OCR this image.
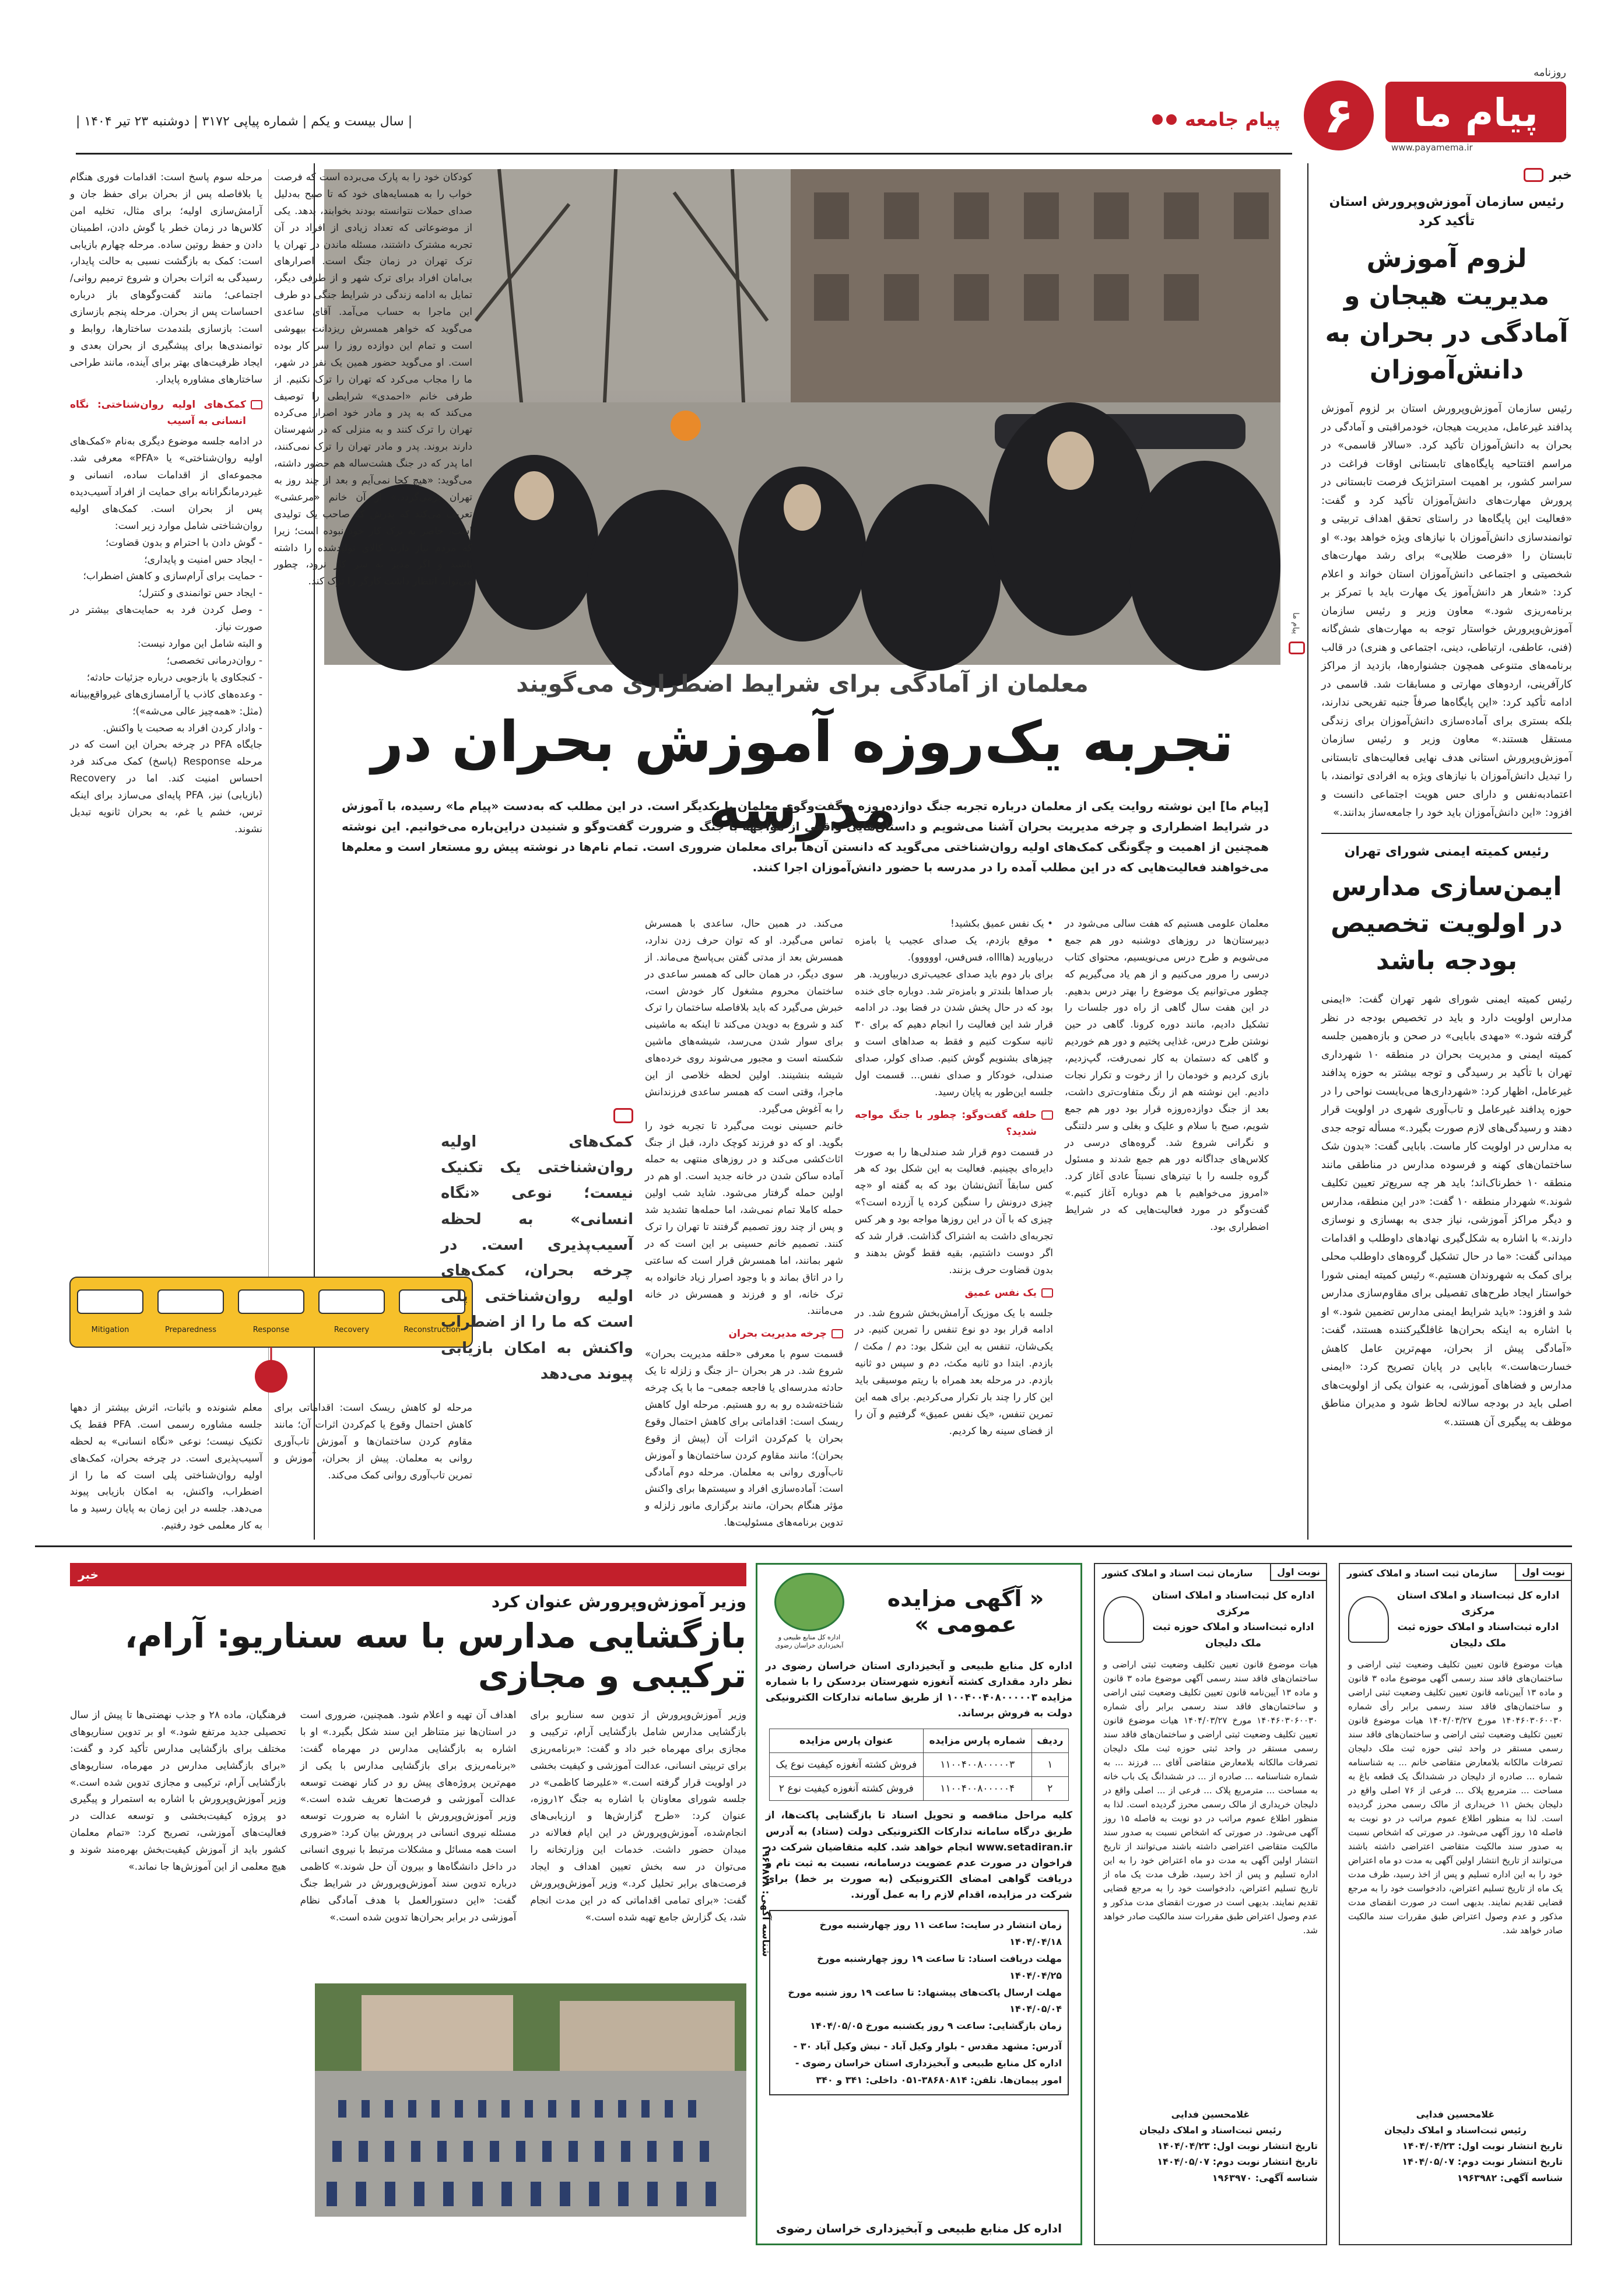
پیام ما
روزنامه
www.payamema.ir
۶
پیام جامعه
| سال بیست و یکم | شماره پیاپی ۳۱۷۲ | دوشنبه ۲۳ تیر ۱۴۰۴ |
خبر
رئیس سازمان آموزش‌وپرورش استان‌ تأکید کرد
لزوم آموزش مدیریت هیجان و آمادگی در بحران به دانش‌آموزان
رئیس سازمان آموزش‌وپرورش استان بر لزوم آموزش پدافند غیرعامل، مدیریت هیجان، خودمراقبتی و آمادگی در بحران به دانش‌آموزان تأکید کرد. «سالار قاسمی» در مراسم افتتاحیه پایگاه‌های تابستانی اوقات فراغت در سراسر کشور، بر اهمیت استراتژیک فرصت تابستانی در پرورش مهارت‌های دانش‌آموزان تأکید کرد و گفت: «فعالیت این پایگاه‌ها در راستای تحقق اهداف تربیتی و توانمندسازی دانش‌آموزان با نیازهای ویژه خواهد بود.» او تابستان را «فرصت طلایی» برای رشد مهارت‌های شخصیتی و اجتماعی دانش‌آموزان استان خواند و اعلام کرد: «شعار هر دانش‌آموز یک مهارت باید با تمرکز بر برنامه‌ریزی شود.» معاون وزیر و رئیس سازمان آموزش‌وپرورش خواستار توجه به مهارت‌های شش‌گانه (فنی، عاطفی، ارتباطی، دینی، اجتماعی و هنری) در قالب برنامه‌های متنوعی همچون جشنواره‌ها، بازدید از مراکز کارآفرینی، اردوهای مهارتی و مسابقات شد. قاسمی در ادامه تأکید کرد: «این پایگاه‌ها صرفاً جنبه تفریحی ندارند، بلکه بستری برای آماده‌سازی دانش‌آموزان برای زندگی مستقل هستند.» معاون وزیر و رئیس سازمان آموزش‌وپرورش استانی هدف نهایی فعالیت‌های تابستانی را تبدیل دانش‌آموزان با نیازهای ویژه به افرادی توانمند، با اعتمادبه‌نفس و دارای حس هویت اجتماعی دانست و افزود: «این دانش‌آموزان باید خود را جامعه‌ساز بدانند.»
رئیس کمیته ایمنی شورای تهران
ایمن‌سازی مدارس در اولویت تخصیص بودجه باشد
رئیس کمیته ایمنی شورای شهر تهران گفت: «ایمنی مدارس اولویت دارد و باید در تخصیص بودجه در نظر گرفته شود.» «مهدی بابایی» در صحن و بازه‌همین جلسه کمیته ایمنی و مدیریت بحران در منطقه ۱۰ شهرداری تهران با تأکید بر رسیدگی و توجه بیشتر به حوزه پدافند غیرعامل، اظهار کرد: «شهرداری‌ها می‌بایست نواحی را در حوزه پدافند غیرعامل و تاب‌آوری شهری در اولویت قرار دهند و رسیدگی‌های لازم صورت بگیرد.» مسأله توجه جدی به مدارس در اولویت کار ماست. بابایی گفت: «بدون شک ساختمان‌های کهنه و فرسوده مدارس در مناطقی مانند منطقه ۱۰ خطرناک‌اند؛ باید هر چه سریع‌تر تعیین تکلیف شوند.» شهردار منطقه ۱۰ گفت: «در این منطقه، مدارس و دیگر مراکز آموزشی، نیاز جدی به بهسازی و نوسازی دارند.» با اشاره به شکل‌گیری نهادهای داوطلب و اقدامات میدانی گفت: «ما در حال تشکیل گروه‌های داوطلب محلی برای کمک به شهروندان هستیم.» رئیس کمیته ایمنی شورا خواستار ایجاد طرح‌های تفصیلی برای مقاوم‌سازی مدارس شد و افزود: «باید شرایط ایمنی مدارس تضمین شود.» او با اشاره به اینکه بحران‌ها غافلگیرکننده هستند، گفت: «آمادگی پیش از بحران، مهم‌ترین عامل کاهش خسارت‌هاست.» بابایی در پایان تصریح کرد: «ایمنی مدارس و فضاهای آموزشی، به عنوان یکی از اولویت‌های اصلی باید در بودجه سالانه لحاظ شود و مدیران مناطق موظف به پیگیری آن هستند.»
پیام ما
معلمان از آمادگی برای شرایط اضطراری می‌گویند
تجربه یک‌روزه آموزش بحران در مدرسه
[پیام ما] این نوشته روایت یکی از معلمان درباره تجربه جنگ دوازده‌روزه و گفت‌وگوی معلمان با یکدیگر است. در این مطلب که به‌دست «پیام ما» رسیده، با آموزش در شرایط اضطراری و چرخه مدیریت بحران آشنا می‌شویم و داستان‌هایی واقعی از مواجهه با جنگ و ضرورت گفت‌وگو و شنیدن درا‌ین‌باره می‌خوانیم. این نوشته همچنین از اهمیت و چگونگی کمک‌های اولیه روان‌شناختی می‌گوید که دانستن آن‌ها برای معلمان ضروری است. تمام نام‌ها در نوشته پیش رو مستعار است و معلم‌ها می‌خواهند فعالیت‌هایی که در این مطلب آمده را در مدرسه با حضور دانش‌آموزان اجرا کنند.
مرحله سوم پاسخ است: اقدامات فوری هنگام یا بلافاصله پس از بحران برای حفظ جان و آرامش‌سازی اولیه؛ برای مثال، تخلیه امن کلاس‌ها در زمان خطر یا گوش دادن، اطمینان دادن و حفظ روتین ساده. مرحله چهارم بازیابی است: کمک به بازگشت نسبی به حالت پایدار، رسیدگی به اثرات بحران و شروع ترمیم روانی/اجتماعی؛ مانند گفت‌وگوهای باز درباره احساسات پس از بحران. مرحله پنجم بازسازی است: بازسازی بلندمدت ساختارها، روابط و توانمندی‌ها برای پیشگیری از بحران بعدی و ایجاد ظرفیت‌های بهتر برای آینده، مانند طراحی ساختارهای مشاوره پایدار.
کمک‌های اولیه روان‌شناختی: نگاه انسانی به آسیب
در ادامه جلسه موضوع دیگری به‌نام «کمک‌های اولیه روان‌شناختی» یا «PFA» معرفی شد. مجموعه‌ای از اقدامات ساده، انسانی و غیردرمانگرانانه برای حمایت از افراد آسیب‌دیده پس از بحران است. کمک‌های اولیه روان‌شناختی شامل موارد زیر است:
- گوش دادن با احترام و بدون قضاوت؛
- ایجاد حس امنیت و پایداری؛
- حمایت برای آرام‌سازی و کاهش اضطراب؛
- ایجاد حس توانمندی و کنترل؛
- وصل کردن فرد به حمایت‌های بیشتر در صورت نیاز.
و البته شامل این موارد نیست:
- روان‌درمانی تخصصی؛
- کنجکاوی یا بازجویی درباره جزئیات حادثه؛
- وعده‌های کاذب یا آرامسازی‌های غیرواقع‌بینانه (مثل: «همه‌چیز عالی می‌شه»)؛
- وادار کردن افراد به صحبت یا واکنش.
جایگاه PFA در چرخه بحران این است که در مرحله Response (پاسخ) کمک می‌کند فرد احساس امنیت کند. اما در Recovery (بازیابی) نیز، PFA پایه‌ای می‌سازد برای اینکه ترس، خشم یا غم، به بحران ثانویه تبدیل نشوند.
کودکان خود را به پارک می‌برده است که فرصت خواب را به همسایه‌های خود که تا صبح به‌دلیل صدای حملات نتوانسته بودند بخوابند، بدهد. یکی از موضوعاتی که تعداد زیادی از افراد در آن تجربه مشترک داشتند، مسئله ماندن در تهران یا ترک تهران در زمان جنگ است. اصرارهای بی‌امان افراد برای ترک شهر و از طرفی دیگر، تمایل به ادامه زندگی در شرایط جنگی دو طرف این ماجرا به حساب می‌آمد. آقای ساعدی می‌گوید که خواهر همسرش ریزدانت بیهوشی است و تمام این دوازده روز را سر کار بوده است. او می‌گوید حضور همین یک نفر در شهر، ما را مجاب می‌کرد که تهران را ترک نکنیم. از طرفی خانم «احمدی» شرایطی را توصیف می‌کند که به پدر و مادر خود اصرار می‌کرده تهران را ترک کنند و به منزلی که در شهرستان دارند بروند. پدر و مادر تهران را ترک نمی‌کنند، اما پدر که در جنگ هشت‌ساله هم حضور داشته، می‌گوید: «هیچ کجا نمی‌آیم و بعد از چند روز به تهران برمی‌گردد.» از آن خانم «مرعشی» تعریف می‌کند که پدرش که صاحب یک تولیدی است، حاضر به ترک کار خود نبوده است؛ زیرا که مردم نیاز دارند کالای تولیدشده را داشته باشند و اگر مدیر به سر کار نرود، چطور می‌تواند انتظار داشت کارگر را ترک کند.
معلمان علومی هستیم که هفت سالی می‌شود در دبیرستان‌ها در روزهای دوشنبه دور هم جمع می‌شویم و طرح درس می‌نویسیم، محتوای کتاب درسی را مرور می‌کنیم و از هم یاد می‌گیریم که چطور می‌توانیم یک موضوع را بهتر درس بدهیم. در این هفت سال گاهی از راه دور جلسات را تشکیل دادیم، مانند دوره کرونا. گاهی در حین نوشتن طرح درس، غذایی پختیم و دور هم خوردیم و گاهی که دستمان به کار نمی‌رفت، گپ‌زدیم، بازی کردیم و خودمان را از رخوت و تکرار نجات دادیم. این نوشته هم از رنگ متفاوت‌تری داشت، بعد از جنگ دوازده‌روزه قرار بود دور هم جمع شویم، صبح با سلام و علیک و بغلی و سر دلتنگی و نگرانی شروع شد. گروه‌های درسی در کلاس‌های جداگانه دور هم جمع شدند و مسئول گروه جلسه را با تیترهای نسبتاً عادی آغاز کرد. «امروز می‌خواهیم با هم دوباره آغاز کنیم.» گفت‌وگو در مورد فعالیت‌هایی که در شرایط اضطراری بود.
• یک نفس عمیق بکشید!
• موقع بازدم، یک صدای عجیب یا بامزه دربیاورید (هااااه، فس‌فس، اووووو).
برای بار دوم باید صدای عجیب‌تری دربیاورید. هر بار صداها بلندتر و بامزه‌تر شد. دوباره جای خنده بود که در حال پخش شدن در فضا بود. در ادامه قرار شد این فعالیت را انجام دهیم که برای ۳۰ ثانیه سکوت کنیم و فقط به صداهای است و چیزهای بشنویم گوش کنیم. صدای کولر، صدای صندلی، خودکار و صدای نفس... قسمت اول جلسه این‌طور به پایان رسید.
حلقه گفت‌وگو: چطور با جنگ مواجه شدید؟
در قسمت دوم قرار شد صندلی‌ها را به صورت دایره‌ای بچینیم. فعالیت به این شکل بود که هر کس سابقاً آتش‌نشان بود که به گفته او «چه چیزی درونش را سنگین کرده یا آزرده است؟» چیزی که با آن در این روزها مواجه بود و هر کس تجربه‌ای داشت به اشتراک گذاشت. قرار شد که اگر دوست داشتیم، بقیه فقط گوش بدهند و بدون قضاوت حرف بزنند.
یک نفس عمیق
جلسه با یک موزیک آرامش‌بخش شروع شد. در ادامه قرار بود دو نوع تنفس را تمرین کنیم. در یکی‌شان، تنفس به این شکل بود: دم / مکث / بازدم. ابتدا دو ثانیه مکث، دم و سپس دو ثانیه بازدم. در مرحله بعد همراه با ریتم موسیقی باید این کار را چند بار تکرار می‌کردیم. برای همه این تمرین تنفس، «یک نفس عمیق» گرفتیم و آن را از فضای سینه رها کردیم.
می‌کند. در همین حال، ساعدی با همسرش تماس می‌گیرد. او که توان حرف زدن ندارد، همسرش بعد از مدتی گفتن بی‌پاسخ می‌ماند. از سوی دیگر، در همان حالی که همسر ساعدی در ساختمان محروم مشغول کار خودش است، خبرش می‌گیرد که باید بلافاصله ساختمان را ترک کند و شروع به دویدن می‌کند تا اینکه به ماشینی برای سوار شدن می‌رسد، شیشه‌های ماشین شکسته است و مجبور می‌شوند روی خرده‌های شیشه بنشینند. اولین لحظه خلاصی از این ماجرا، وقتی است که همسر ساعدی فرزندانش را به آغوش می‌گیرد.
خانم حسینی نوبت می‌گیرد تا تجربه خود را بگوید. او که دو فرزند کوچک دارد، قبل از جنگ اثاث‌کشی می‌کند و در روزهای منتهی به حمله آماده ساکن شدن در خانه جدید است. او هم در اولین حمله گرفتار می‌شود. شاید شب اولین حمله کاملا تمام نمی‌شد، اما حمله‌ها تشدید شد و پس از چند روز تصمیم گرفتند تا تهران را ترک کنند. تصمیم خانم حسینی بر این است که در شهر بمانند، اما همسرش قرار است که ساعتی را در اتاق بماند و با وجود اصرار زیاد خانواده به ترک خانه، او و فرزند و همسرش در خانه می‌مانند.
چرخه مدیریت بحران
قسمت سوم با معرفی «حلقه مدیریت بحران» شروع شد. در هر بحران –از جنگ و زلزله تا یک حادثه مدرسه‌ای یا فاجعه جمعی– ما با یک چرخه شناخته‌شده رو به رو هستیم. مرحله اول کاهش ریسک است: اقداماتی برای کاهش احتمال وقوع بحران یا کم‌کردن اثرات آن (پیش از وقوع بحران)؛ مانند مقاوم کردن ساختمان‌ها و آموزش تاب‌آوری روانی به معلمان. مرحله دوم آمادگی است: آماده‌سازی افراد و سیستم‌ها برای واکنش مؤثر هنگام بحران، مانند برگزاری مانور زلزله و تدوین برنامه‌های مسئولیت‌ها.
Mitigation	Preparedness	Response	Recovery	Reconstruction
مرحله لو کاهش ریسک است: اقداماتی برای کاهش احتمال وقوع یا کم‌کردن اثرات آن؛ مانند مقاوم کردن ساختمان‌ها و آموزش تاب‌آوری روانی به معلمان. پیش از بحران، آموزش و تمرین تاب‌آوری روانی کمک می‌کند.
معلم شنونده و باثبات، اثرش بیشتر از دهها جلسه مشاوره رسمی است. PFA فقط یک تکنیک نیست؛ نوعی «نگاه انسانی» به لحظه آسیب‌پذیری است. در چرخه بحران، کمک‌های اولیه روان‌شناختی پلی است که ما را از اضطراب، واکنش، به امکان بازیابی پیوند می‌دهد. جلسه در این زمان به پایان رسید و ما به کار معلمی خود رفتیم.
کمک‌های اولیه روان‌شناختی یک تکنیک نیست؛ نوعی «نگاه انسانی» به لحظه آسیب‌پذیری است. در چرخه بحران، کمک‌های اولیه روان‌شناختی پلی است که ما را از اضطراب واکنش به امکان بازیابی پیوند می‌دهد
نوبت اول
سازمان ثبت اسناد و املاک کشور
اداره کل ثبت‌اسناد و املاک استان مرکزی
اداره ثبت‌اسناد و املاک حوزه ثبت ملک دلیجان
هیات موضوع قانون تعیین تکلیف وضعیت ثبتی اراضی و ساختمان‌های فاقد سند رسمی آگهی موضوع ماده ۳ قانون و ماده ۱۳ آیین‌نامه قانون تعیین تکلیف وضعیت ثبتی اراضی و ساختمان‌های فاقد سند رسمی برابر رأی شماره ۱۴۰۴۶۰۳۰۶۰۰۳۰ مورخ ۱۴۰۴/۰۳/۲۷ هیات موضوع قانون تعیین تکلیف وضعیت ثبتی اراضی و ساختمان‌های فاقد سند رسمی مستقر در واحد ثبتی حوزه ثبت ملک دلیجان تصرفات مالکانه بلامعارض متقاضی خانم ... به شناسنامه شماره ... صادره از دلیجان در ششدانگ یک قطعه باغ به مساحت ... مترمربع پلاک ... فرعی از ۷۶ اصلی واقع در دلیجان بخش ۱۱ خریداری از مالک رسمی محرز گردیده است. لذا به منظور اطلاع عموم مراتب در دو نوبت به فاصله ۱۵ روز آگهی می‌شود. در صورتی که اشخاص نسبت به صدور سند مالکیت متقاضی اعتراضی داشته باشند می‌توانند از تاریخ انتشار اولین آگهی به مدت دو ماه اعتراض خود را به این اداره تسلیم و پس از اخذ رسید، ظرف مدت یک ماه از تاریخ تسلیم اعتراض، دادخواست خود را به مرجع قضایی تقدیم نمایند. بدیهی است در صورت انقضای مدت مذکور و عدم وصول اعتراض طبق مقررات سند مالکیت صادر خواهد شد.
غلامحسین فدایی
رئیس ثبت‌اسناد و املاک دلیجان
تاریخ انتشار نوبت اول: ۱۴۰۴/۰۴/۲۳
تاریخ انتشار نوبت دوم: ۱۴۰۴/۰۵/۰۷
شناسه آگهی: ۱۹۶۳۹۸۲
نوبت اول
سازمان ثبت اسناد و املاک کشور
اداره کل ثبت‌اسناد و املاک استان مرکزی
اداره ثبت‌اسناد و املاک حوزه ثبت ملک دلیجان
هیات موضوع قانون تعیین تکلیف وضعیت ثبتی اراضی و ساختمان‌های فاقد سند رسمی آگهی موضوع ماده ۳ قانون و ماده ۱۳ آیین‌نامه قانون تعیین تکلیف وضعیت ثبتی اراضی و ساختمان‌های فاقد سند رسمی برابر رأی شماره ۱۴۰۴۶۰۳۰۶۰۰۳۰ مورخ ۱۴۰۴/۰۳/۲۷ هیات موضوع قانون تعیین تکلیف وضعیت ثبتی اراضی و ساختمان‌های فاقد سند رسمی مستقر در واحد ثبتی حوزه ثبت ملک دلیجان تصرفات مالکانه بلامعارض متقاضی آقای ... فرزند ... به شماره شناسنامه ... صادره از ... در ششدانگ یک باب خانه به مساحت ... مترمربع پلاک ... فرعی از ... اصلی واقع در دلیجان خریداری از مالک رسمی محرز گردیده است. لذا به منظور اطلاع عموم مراتب در دو نوبت به فاصله ۱۵ روز آگهی می‌شود. در صورتی که اشخاص نسبت به صدور سند مالکیت متقاضی اعتراضی داشته باشند می‌توانند از تاریخ انتشار اولین آگهی به مدت دو ماه اعتراض خود را به این اداره تسلیم و پس از اخذ رسید، ظرف مدت یک ماه از تاریخ تسلیم اعتراض، دادخواست خود را به مرجع قضایی تقدیم نمایند. بدیهی است در صورت انقضای مدت مذکور و عدم وصول اعتراض طبق مقررات سند مالکیت صادر خواهد شد.
غلامحسین فدایی
رئیس ثبت‌اسناد و املاک دلیجان
تاریخ انتشار نوبت اول: ۱۴۰۴/۰۴/۲۳
تاریخ انتشار نوبت دوم: ۱۴۰۴/۰۵/۰۷
شناسه آگهی: ۱۹۶۳۹۷۰
« آگهی مزایده عمومی »
اداره کل منابع طبیعی و آبخیزداری خراسان رضوی
اداره کل منابع طبیعی و آبخیزداری استان خراسان رضوی در نظر دارد مقداری کشته آنغوزه شهرستان بردسکن را با شماره مزایده ۱۰۰۴۰۰۴۰۸۰۰۰۰۰۳ از طریق سامانه تدارکات الکترونیکی دولت به فروش برساند.
ردیف	شماره پارس مزایده	عنوان پارس مزایده
۱	۱۱۰۰۴۰۰۸۰۰۰۰۰۳	فروش کشته آنغوزه کیفیت نوع یک
۲	۱۱۰۰۴۰۰۸۰۰۰۰۰۴	فروش کشته آنغوزه کیفیت نوع ۲
کلیه مراحل مناقصه و تحویل اسناد تا بازگشایی پاکت‌ها، از طریق درگاه سامانه تدارکات الکترونیکی دولت (ستاد) به آدرس www.setadiran.ir انجام خواهد شد. کلیه متقاضیان شرکت در فراخوان در صورت عدم عضویت درسامانه، نسبت به ثبت نام و دریافت گواهی امضای الکترونیکی (به صورت بر خط) برای شرکت در مزایده، اقدام لازم را به عمل آورند.
زمان انتشار در سایت: ساعت ۱۱ روز چهارشنبه مورخ ۱۴۰۴/۰۴/۱۸
مهلت دریافت اسناد: تا ساعت ۱۹ روز چهارشنبه مورخ ۱۴۰۴/۰۴/۲۵
مهلت ارسال پاکت‌های پیشنهاد: تا ساعت ۱۹ روز شنبه مورخ ۱۴۰۴/۰۵/۰۴
زمان بازگشایی: ساعت ۹ روز یکشنبه مورخ ۱۴۰۴/۰۵/۰۵
آدرس: مشهد مقدس - بلوار وکیل آباد - نبش وکیل آباد ۳۰ - اداره کل منابع طبیعی و آبخیزداری استان خراسان رضوی - امور پیمان‌ها. تلفن: ۳۸۶۸۰۸۱۴-۰۵۱ داخلی: ۳۴۱ و ۳۴۰
اداره کل منابع طبیعی و آبخیزداری خراسان رضوی
شناسه آگهی: ۱۹۶۴۸۷۸
خبر
وزیر آموزش‌وپرورش عنوان کرد
بازگشایی مدارس با سه سناریو: آرام، ترکیبی و مجازی
وزیر آموزش‌وپرورش از تدوین سه سناریو برای بازگشایی مدارس شامل بازگشایی آرام، ترکیبی و مجازی برای مهرماه خبر داد و گفت: «برنامه‌ریزی برای تربیتی انسانی، عدالت آموزشی و کیفیت بخشی در اولویت قرار گرفته است.» «علیرضا کاظمی» در جلسه شورای معاونان با اشاره به جنگ ۱۲روزه، عنوان کرد: «طرح گزارش‌ها و ارزیابی‌های انجام‌شده، آموزش‌وپرورش در این ایام فعالانه در میدان حضور داشت. خدمات این وزارتخانه را می‌توان در سه بخش تعیین اهداف و ایجاد فرصت‌های برابر تحلیل کرد.» وزیر آموزش‌وپرورش گفت: «برای تمامی اقداماتی که در این مدت انجام شد، یک گزارش جامع تهیه شده است.»
اهداف آن تهیه و اعلام شود. همچنین، ضروری است در استان‌ها نیز متناظر این سند شکل بگیرد.» او با اشاره به بازگشایی مدارس در مهرماه گفت: «برنامه‌ریزی برای بازگشایی مدارس با یکی از مهم‌ترین پروژه‌های پیش رو در کنار نهضت توسعه عدالت آموزشی و فرصت‌ها تعریف شده است.» وزیر آموزش‌وپرورش با اشاره به ضرورت توسعه مسئله نیروی انسانی در پرورش بیان کرد: «ضروری است همه مسائل و مشکلات مرتبط با نیروی انسانی در داخل دانشگاه‌ها و بیرون آن حل شوند.» کاظمی درباره تدوین سند آموزش‌وپرورش در شرایط جنگ گفت: «این دستورالعمل با هدف آمادگی نظام آموزشی در برابر بحران‌ها تدوین شده است.»
فرهنگیان، ماده ۲۸ و جذب نهضتی‌ها تا پیش از سال تحصیلی جدید مرتفع شود.» او بر تدوین سناریوهای مختلف برای بازگشایی مدارس تأکید کرد و گفت: «برای بازگشایی مدارس در مهرماه، سناریوهای بازگشایی آرام، ترکیبی و مجازی تدوین شده است.» وزیر آموزش‌وپرورش با اشاره به استمرار و پیگیری دو پروژه کیفیت‌بخشی و توسعه عدالت در فعالیت‌های آموزشی، تصریح کرد: «تمام معلمان کشور باید از آموزش کیفیت‌بخش بهره‌مند شوند و هیچ معلمی از این آموزش‌ها جا نماند.»
